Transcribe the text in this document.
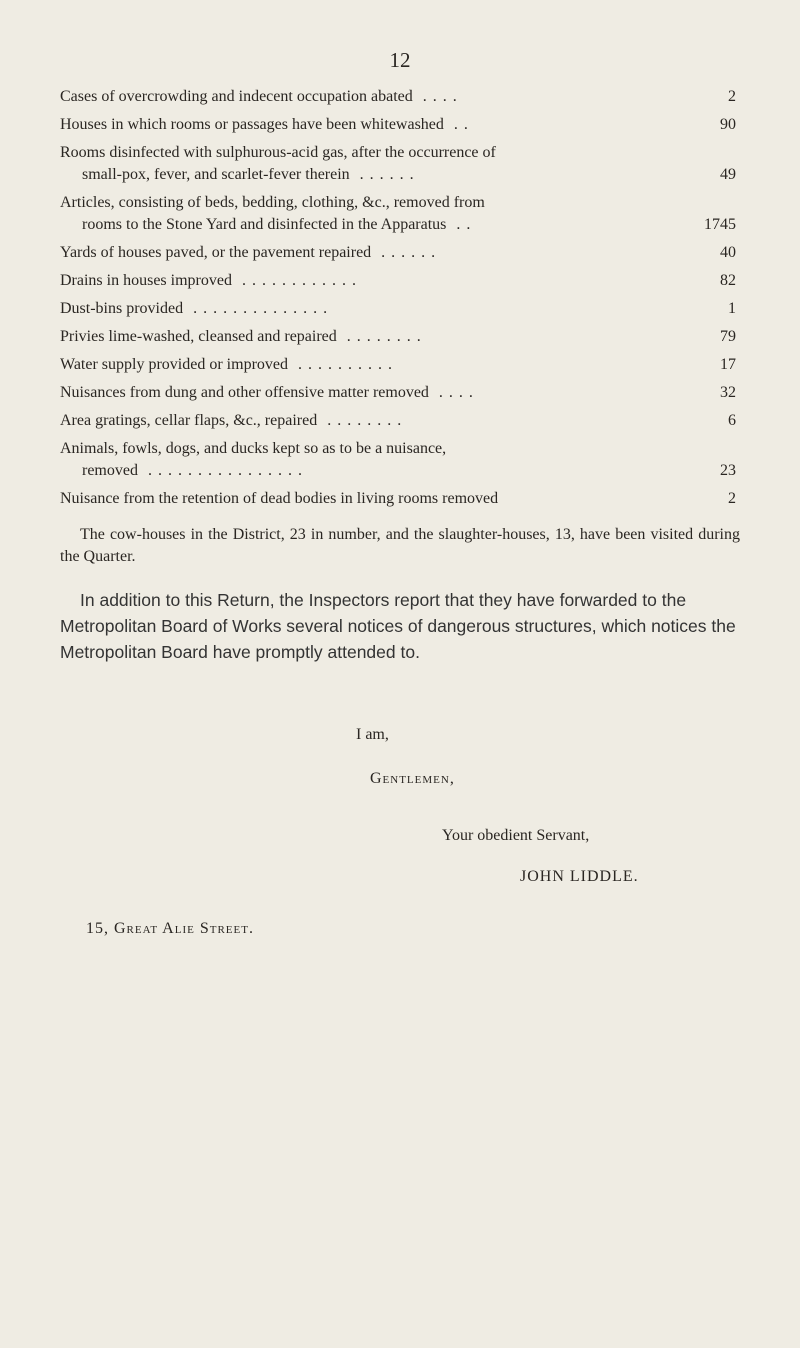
12
Cases of overcrowding and indecent occupation abated . . . .	2
Houses in which rooms or passages have been whitewashed . .	90
Rooms disinfected with sulphurous-acid gas, after the occurrence of
small-pox, fever, and scarlet-fever therein . . . . . .	49
Articles, consisting of beds, bedding, clothing, &c., removed from
rooms to the Stone Yard and disinfected in the Apparatus . .	1745
Yards of houses paved, or the pavement repaired . . . . . .	40
Drains in houses improved . . . . . . . . . . . .	82
Dust-bins provided . . . . . . . . . . . . . .	1
Privies lime-washed, cleansed and repaired . . . . . . . .	79
Water supply provided or improved . . . . . . . . . .	17
Nuisances from dung and other offensive matter removed . . . .	32
Area gratings, cellar flaps, &c., repaired . . . . . . . .	6
Animals, fowls, dogs, and ducks kept so as to be a nuisance,
removed . . . . . . . . . . . . . . . .	23
Nuisance from the retention of dead bodies in living rooms removed	2
The cow-houses in the District, 23 in number, and the slaughter-houses, 13, have been visited during the Quarter.
In addition to this Return, the Inspectors report that they have forwarded to the Metropolitan Board of Works several notices of dangerous structures, which notices the Metropolitan Board have promptly attended to.
I am,
Gentlemen,
Your obedient Servant,
JOHN LIDDLE.
15, Great Alie Street.
